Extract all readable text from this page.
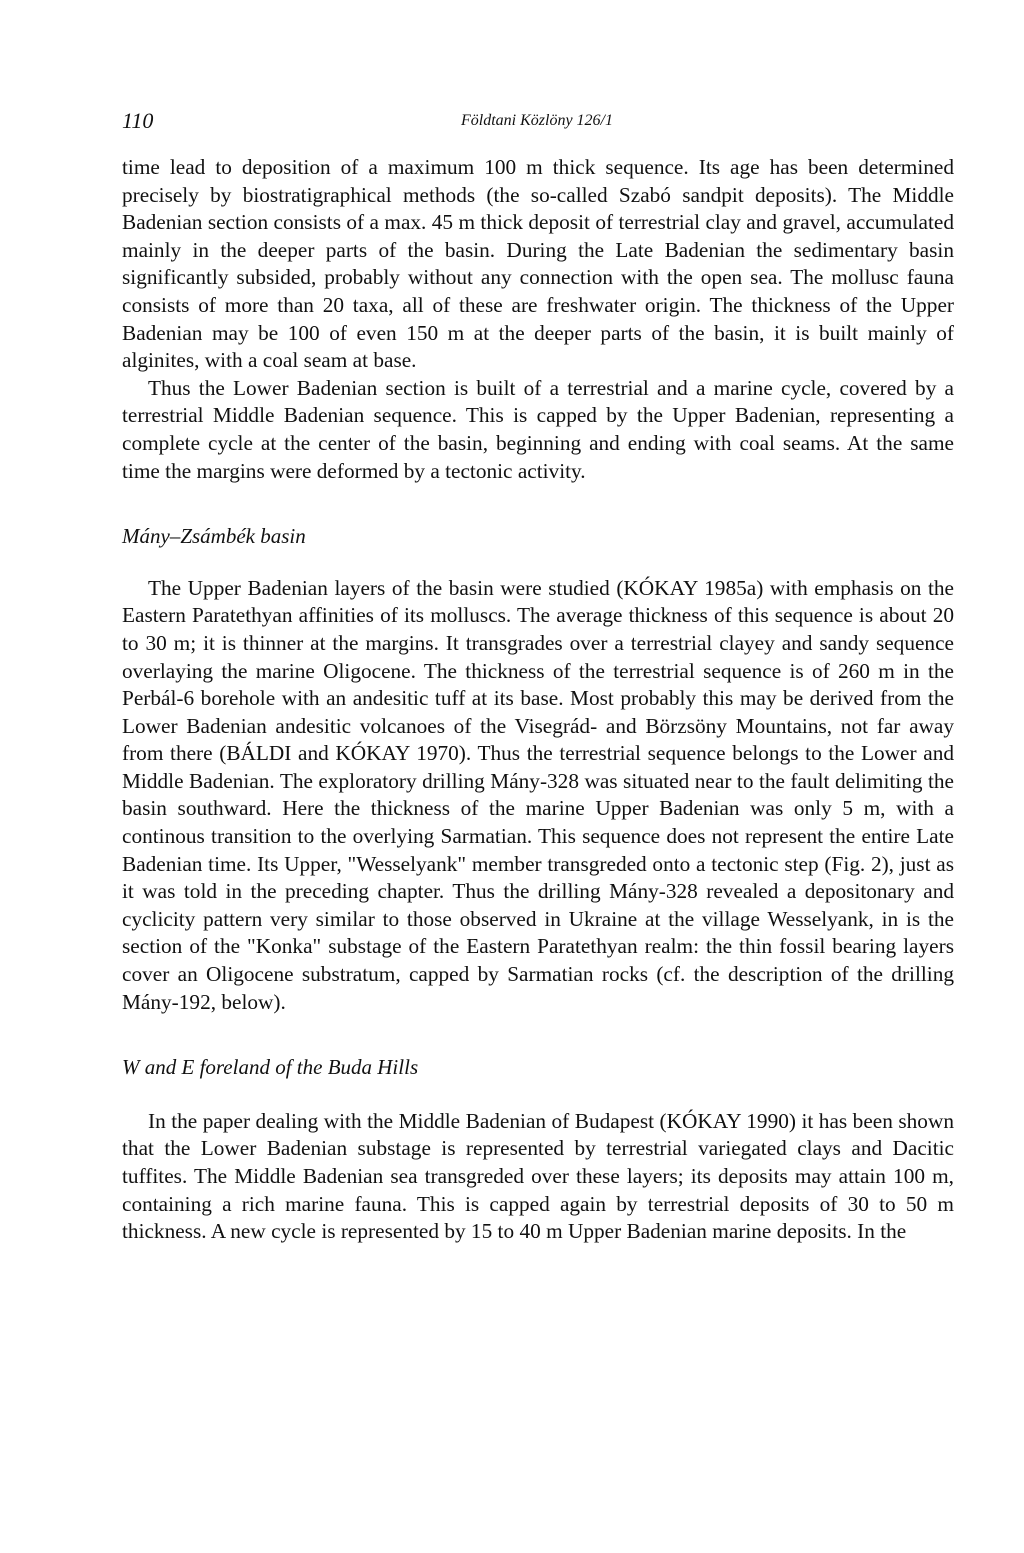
110	Földtani Közlöny 126/1

time lead to deposition of a maximum 100 m thick sequence. Its age has been determined precisely by biostratigraphical methods (the so-called Szabó sandpit deposits). The Middle Badenian section consists of a max. 45 m thick deposit of terrestrial clay and gravel, accumulated mainly in the deeper parts of the basin. During the Late Badenian the sedimentary basin significantly subsided, probably without any connection with the open sea. The mollusc fauna consists of more than 20 taxa, all of these are freshwater origin. The thickness of the Upper Badenian may be 100 of even 150 m at the deeper parts of the basin, it is built mainly of alginites, with a coal seam at base.

Thus the Lower Badenian section is built of a terrestrial and a marine cycle, covered by a terrestrial Middle Badenian sequence. This is capped by the Upper Badenian, representing a complete cycle at the center of the basin, beginning and ending with coal seams. At the same time the margins were deformed by a tectonic activity.

Mány–Zsámbék basin

The Upper Badenian layers of the basin were studied (KÓKAY 1985a) with emphasis on the Eastern Paratethyan affinities of its molluscs. The average thickness of this sequence is about 20 to 30 m; it is thinner at the margins. It transgrades over a terrestrial clayey and sandy sequence overlaying the marine Oligocene. The thickness of the terrestrial sequence is of 260 m in the Perbál-6 borehole with an andesitic tuff at its base. Most probably this may be derived from the Lower Badenian andesitic volcanoes of the Visegrád- and Börzsöny Mountains, not far away from there (BÁLDI and KÓKAY 1970). Thus the terrestrial sequence belongs to the Lower and Middle Badenian. The exploratory drilling Mány-328 was situated near to the fault delimiting the basin southward. Here the thickness of the marine Upper Badenian was only 5 m, with a continous transition to the overlying Sarmatian. This sequence does not represent the entire Late Badenian time. Its Upper, "Wesselyank" member transgreded onto a tectonic step (Fig. 2), just as it was told in the preceding chapter. Thus the drilling Mány-328 revealed a depositonary and cyclicity pattern very similar to those observed in Ukraine at the village Wesselyank, in is the section of the "Konka" substage of the Eastern Paratethyan realm: the thin fossil bearing layers cover an Oligocene substratum, capped by Sarmatian rocks (cf. the description of the drilling Mány-192, below).

W and E foreland of the Buda Hills

In the paper dealing with the Middle Badenian of Budapest (KÓKAY 1990) it has been shown that the Lower Badenian substage is represented by terrestrial variegated clays and Dacitic tuffites. The Middle Badenian sea transgreded over these layers; its deposits may attain 100 m, containing a rich marine fauna. This is capped again by terrestrial deposits of 30 to 50 m thickness. A new cycle is represented by 15 to 40 m Upper Badenian marine deposits. In the
